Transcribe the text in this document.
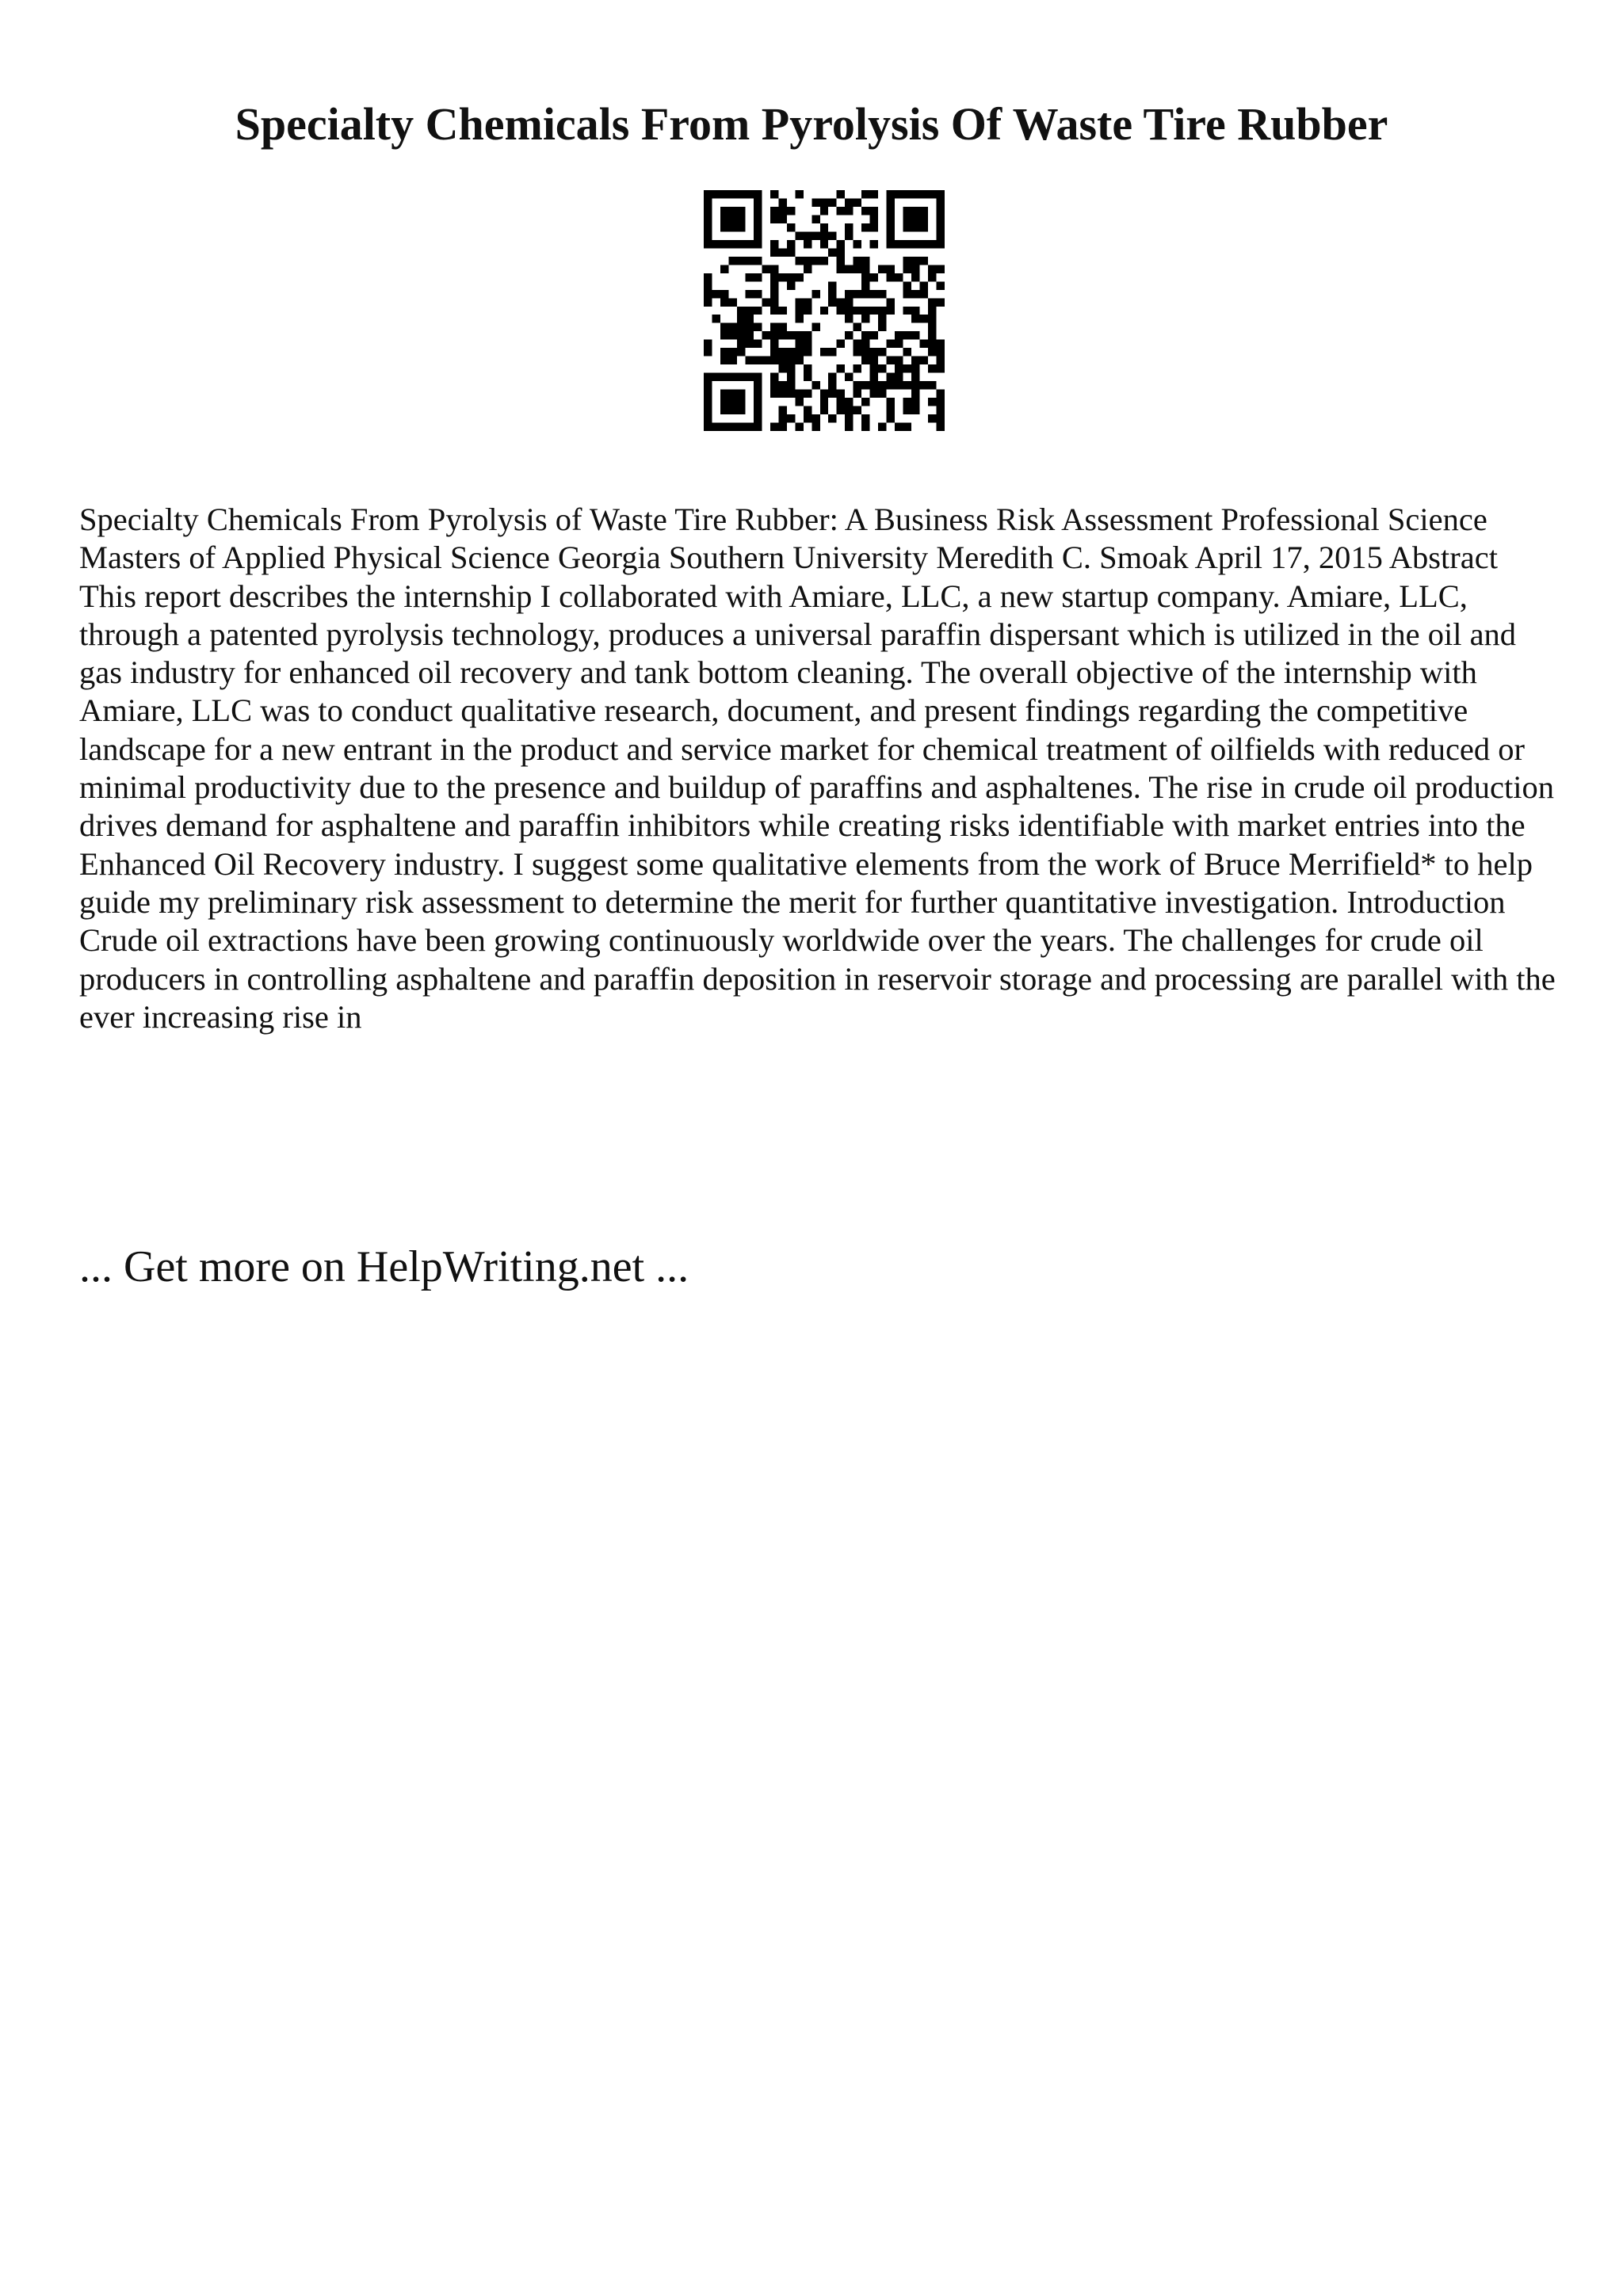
Specialty Chemicals From Pyrolysis Of Waste Tire Rubber

Specialty Chemicals From Pyrolysis of Waste Tire Rubber: A Business Risk Assessment Professional Science Masters of Applied Physical Science Georgia Southern University Meredith C. Smoak April 17, 2015 Abstract This report describes the internship I collaborated with Amiare, LLC, a new startup company. Amiare, LLC, through a patented pyrolysis technology, produces a universal paraffin dispersant which is utilized in the oil and gas industry for enhanced oil recovery and tank bottom cleaning. The overall objective of the internship with Amiare, LLC was to conduct qualitative research, document, and present findings regarding the competitive landscape for a new entrant in the product and service market for chemical treatment of oilfields with reduced or minimal productivity due to the presence and buildup of paraffins and asphaltenes. The rise in crude oil production drives demand for asphaltene and paraffin inhibitors while creating risks identifiable with market entries into the Enhanced Oil Recovery industry. I suggest some qualitative elements from the work of Bruce Merrifield* to help guide my preliminary risk assessment to determine the merit for further quantitative investigation. Introduction Crude oil extractions have been growing continuously worldwide over the years. The challenges for crude oil producers in controlling asphaltene and paraffin deposition in reservoir storage and processing are parallel with the ever increasing rise in

... Get more on HelpWriting.net ...
